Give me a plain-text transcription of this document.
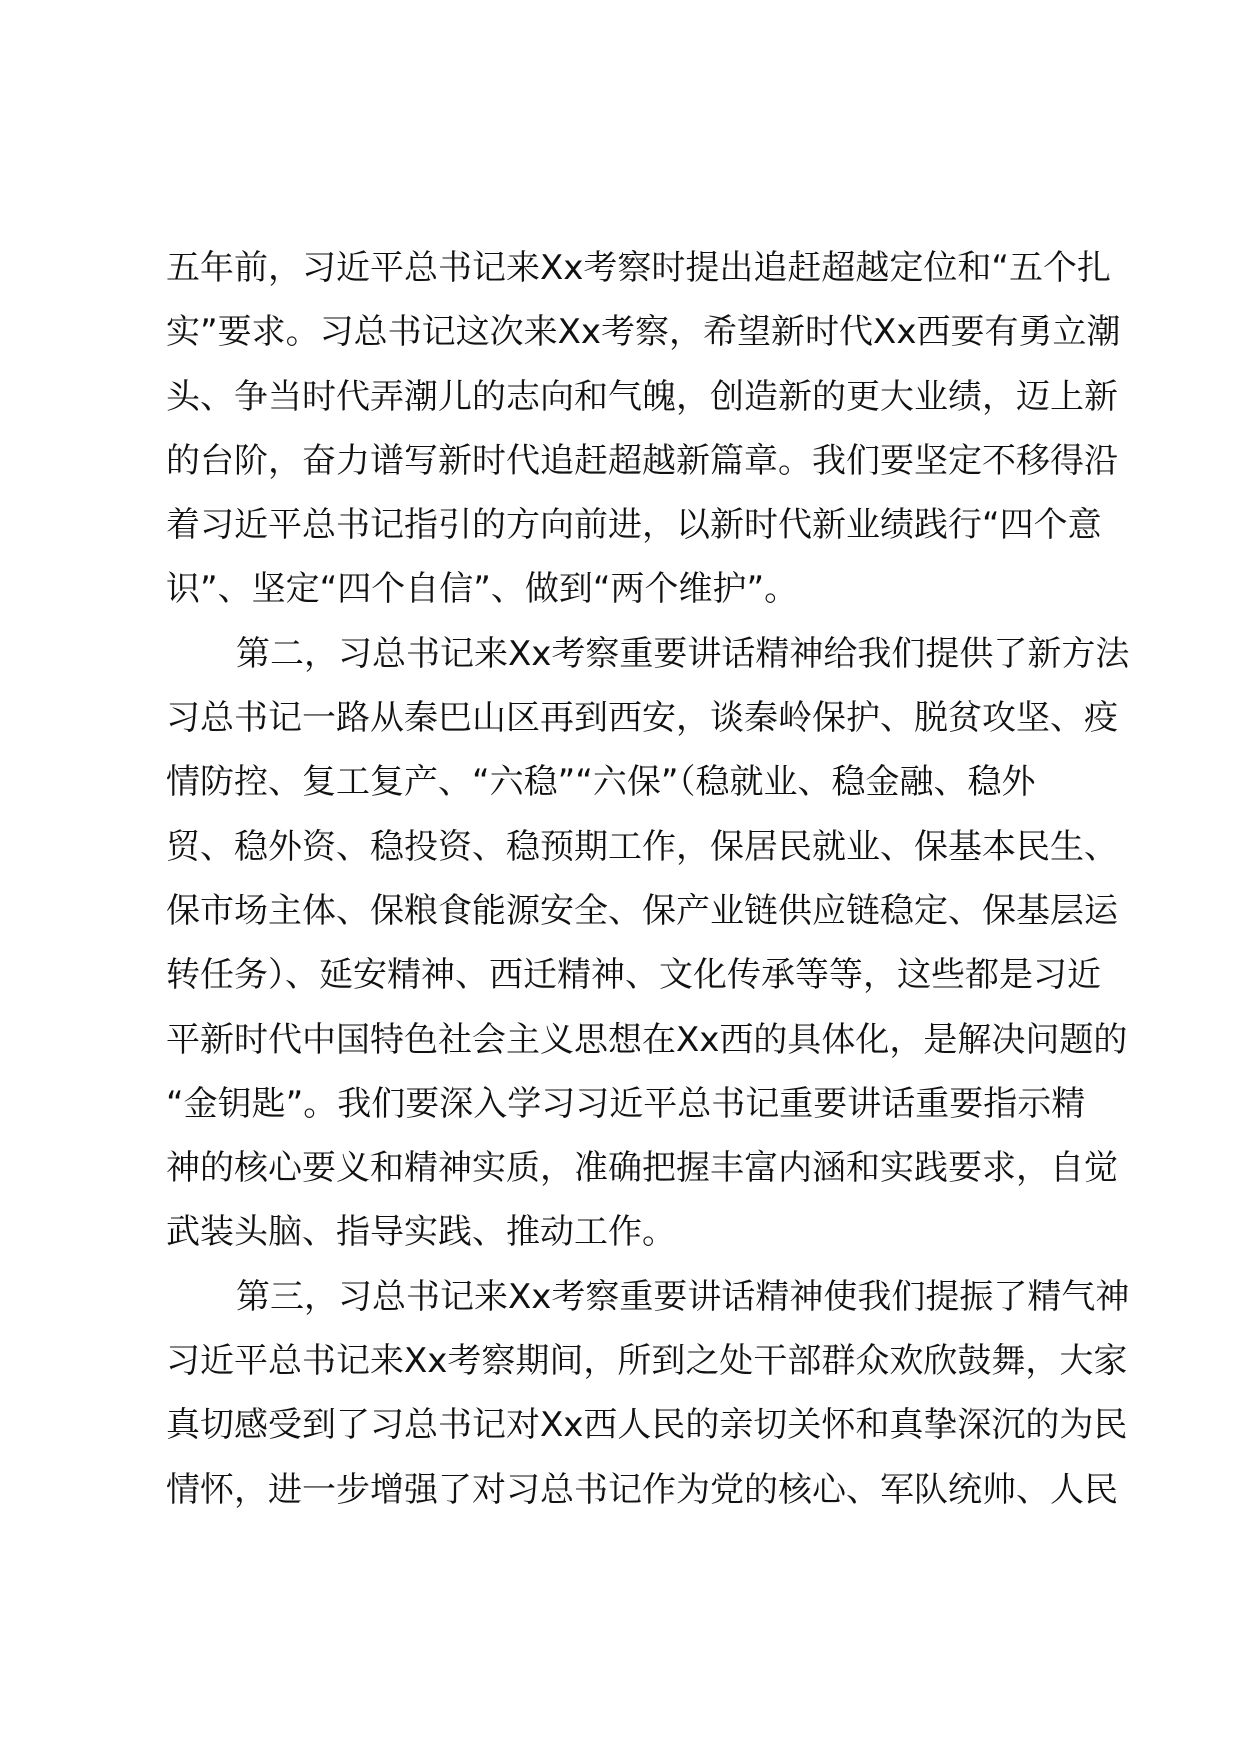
五年前，习近平总书记来Xx考察时提出追赶超越定位和“五个扎
实”要求。习总书记这次来Xx考察，希望新时代Xx西要有勇立潮
头、争当时代弄潮儿的志向和气魄，创造新的更大业绩，迈上新
的台阶，奋力谱写新时代追赶超越新篇章。我们要坚定不移得沿
着习近平总书记指引的方向前进，以新时代新业绩践行“四个意
识”、坚定“四个自信”、做到“两个维护”。
第二，习总书记来Xx考察重要讲话精神给我们提供了新方法
习总书记一路从秦巴山区再到西安，谈秦岭保护、脱贫攻坚、疫
情防控、复工复产、“六稳”“六保”（稳就业、稳金融、稳外
贸、稳外资、稳投资、稳预期工作，保居民就业、保基本民生、
保市场主体、保粮食能源安全、保产业链供应链稳定、保基层运
转任务）、延安精神、西迁精神、文化传承等等，这些都是习近
平新时代中国特色社会主义思想在Xx西的具体化，是解决问题的
“金钥匙”。我们要深入学习习近平总书记重要讲话重要指示精
神的核心要义和精神实质，准确把握丰富内涵和实践要求，自觉
武装头脑、指导实践、推动工作。
第三，习总书记来Xx考察重要讲话精神使我们提振了精气神
习近平总书记来Xx考察期间，所到之处干部群众欢欣鼓舞，大家
真切感受到了习总书记对Xx西人民的亲切关怀和真挚深沉的为民
情怀，进一步增强了对习总书记作为党的核心、军队统帅、人民
